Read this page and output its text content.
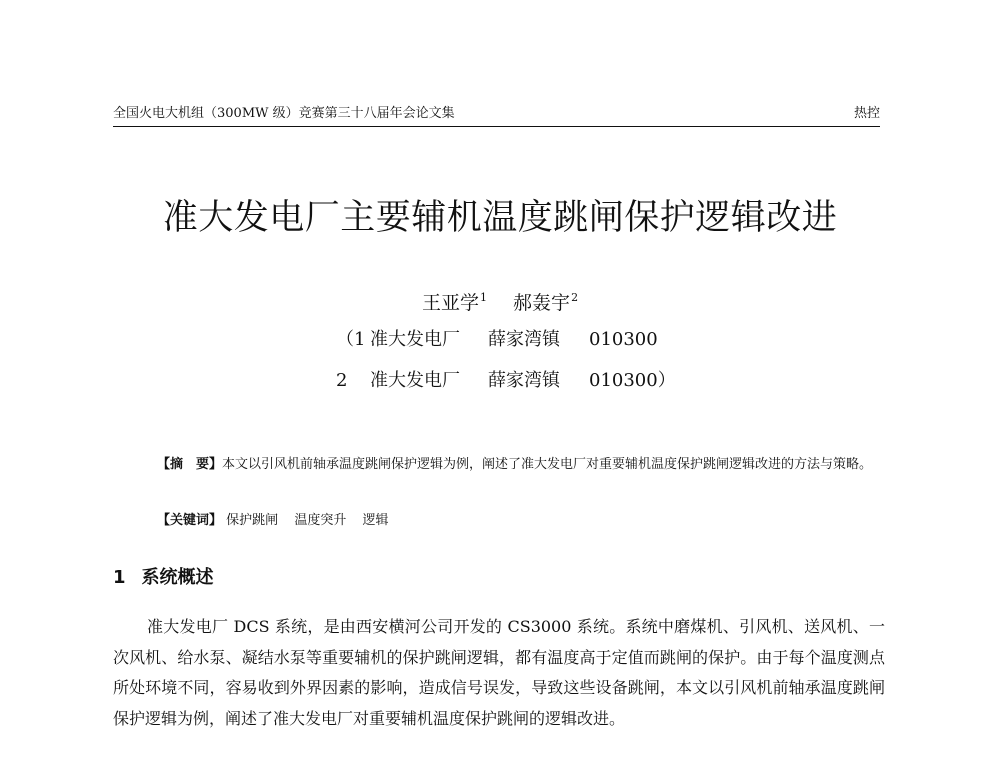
全国火电大机组（300MW 级）竞赛第三十八届年会论文集	热控
准大发电厂主要辅机温度跳闸保护逻辑改进
王亚学$^1$ 郝轰宇$^2$
（1 准大发电厂 薛家湾镇 010300
2 准大发电厂 薛家湾镇 010300）
【摘　要】本文以引风机前轴承温度跳闸保护逻辑为例，阐述了准大发电厂对重要辅机温度保护跳闸逻辑改进的方法与策略。
【关键词】 保护跳闸 温度突升 逻辑
1 系统概述
准大发电厂 DCS 系统，是由西安横河公司开发的 CS3000 系统。系统中磨煤机、引风机、送风机、一次风机、给水泵、凝结水泵等重要辅机的保护跳闸逻辑，都有温度高于定值而跳闸的保护。由于每个温度测点所处环境不同，容易收到外界因素的影响，造成信号误发，导致这些设备跳闸，本文以引风机前轴承温度跳闸保护逻辑为例，阐述了准大发电厂对重要辅机温度保护跳闸的逻辑改进。
